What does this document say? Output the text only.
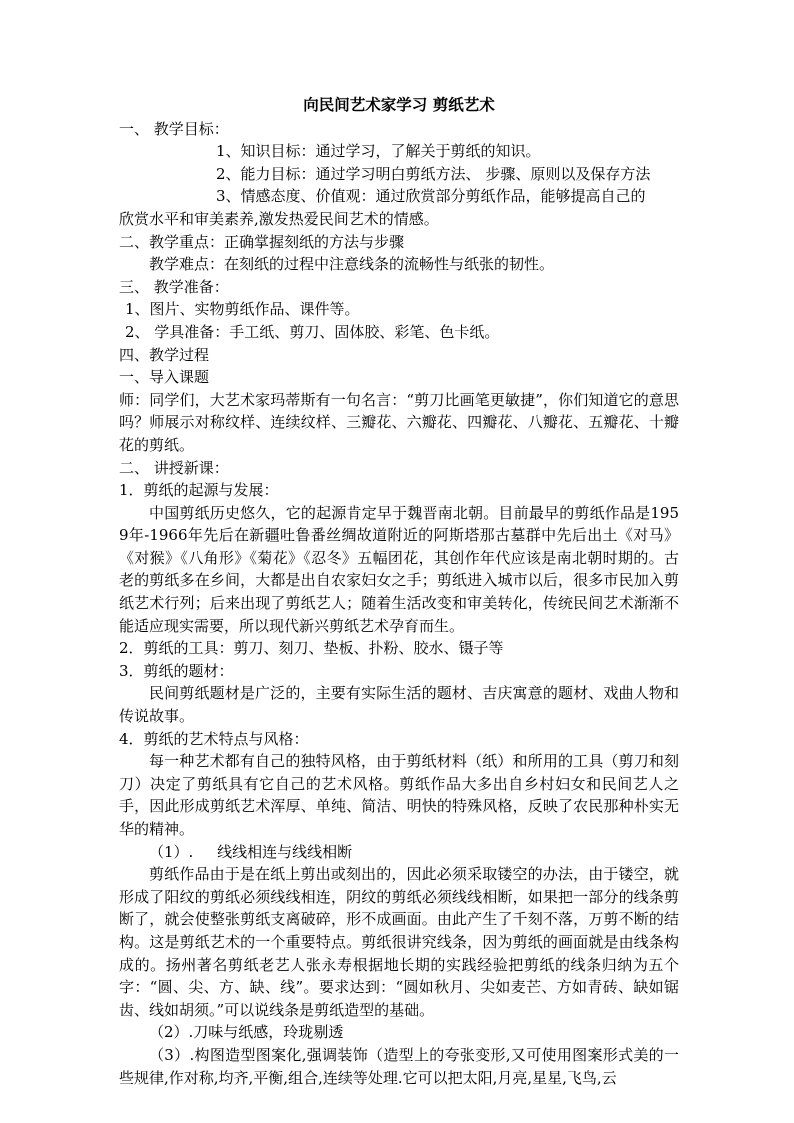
向民间艺术家学习 剪纸艺术
一、 教学目标：
1、知识目标：通过学习，了解关于剪纸的知识。
2、能力目标：通过学习明白剪纸方法、 步骤、原则以及保存方法
3、情感态度、价值观：通过欣赏部分剪纸作品，能够提高自己的
欣赏水平和审美素养,激发热爱民间艺术的情感。
二、教学重点：正确掌握刻纸的方法与步骤
教学难点：在刻纸的过程中注意线条的流畅性与纸张的韧性。
三、 教学准备：
1、图片、实物剪纸作品、课件等。
2、 学具准备：手工纸、剪刀、固体胶、彩笔、色卡纸。
四、教学过程
一、导入课题
师：同学们，大艺术家玛蒂斯有一句名言：“剪刀比画笔更敏捷”，你们知道它的意思吗？师展示对称纹样、连续纹样、三瓣花、六瓣花、四瓣花、八瓣花、五瓣花、十瓣花的剪纸。
二、 讲授新课：
1．剪纸的起源与发展：
中国剪纸历史悠久，它的起源肯定早于魏晋南北朝。目前最早的剪纸作品是1959年-1966年先后在新疆吐鲁番丝绸故道附近的阿斯塔那古墓群中先后出土《对马》《对猴》《八角形》《菊花》《忍冬》五幅团花，其创作年代应该是南北朝时期的。古老的剪纸多在乡间，大都是出自农家妇女之手；剪纸进入城市以后，很多市民加入剪纸艺术行列；后来出现了剪纸艺人；随着生活改变和审美转化，传统民间艺术渐渐不能适应现实需要，所以现代新兴剪纸艺术孕育而生。
2．剪纸的工具：剪刀、刻刀、垫板、扑粉、胶水、镊子等
3．剪纸的题材：
民间剪纸题材是广泛的，主要有实际生活的题材、吉庆寓意的题材、戏曲人物和传说故事。
4．剪纸的艺术特点与风格：
每一种艺术都有自己的独特风格，由于剪纸材料（纸）和所用的工具（剪刀和刻刀）决定了剪纸具有它自己的艺术风格。剪纸作品大多出自乡村妇女和民间艺人之手，因此形成剪纸艺术浑厚、单纯、简洁、明快的特殊风格，反映了农民那种朴实无华的精神。
（1）.     线线相连与线线相断
剪纸作品由于是在纸上剪出或刻出的，因此必须采取镂空的办法，由于镂空，就形成了阳纹的剪纸必须线线相连，阴纹的剪纸必须线线相断，如果把一部分的线条剪断了，就会使整张剪纸支离破碎，形不成画面。由此产生了千刻不落，万剪不断的结构。这是剪纸艺术的一个重要特点。剪纸很讲究线条，因为剪纸的画面就是由线条构成的。扬州著名剪纸老艺人张永寿根据地长期的实践经验把剪纸的线条归纳为五个字：“圆、尖、方、缺、线”。要求达到：“圆如秋月、尖如麦芒、方如青砖、缺如锯齿、线如胡须。”可以说线条是剪纸造型的基础。
（2）.刀味与纸感，玲珑剔透
（3）.构图造型图案化,强调装饰（造型上的夸张变形,又可使用图案形式美的一些规律,作对称,均齐,平衡,组合,连续等处理.它可以把太阳,月亮,星星,飞鸟,云
